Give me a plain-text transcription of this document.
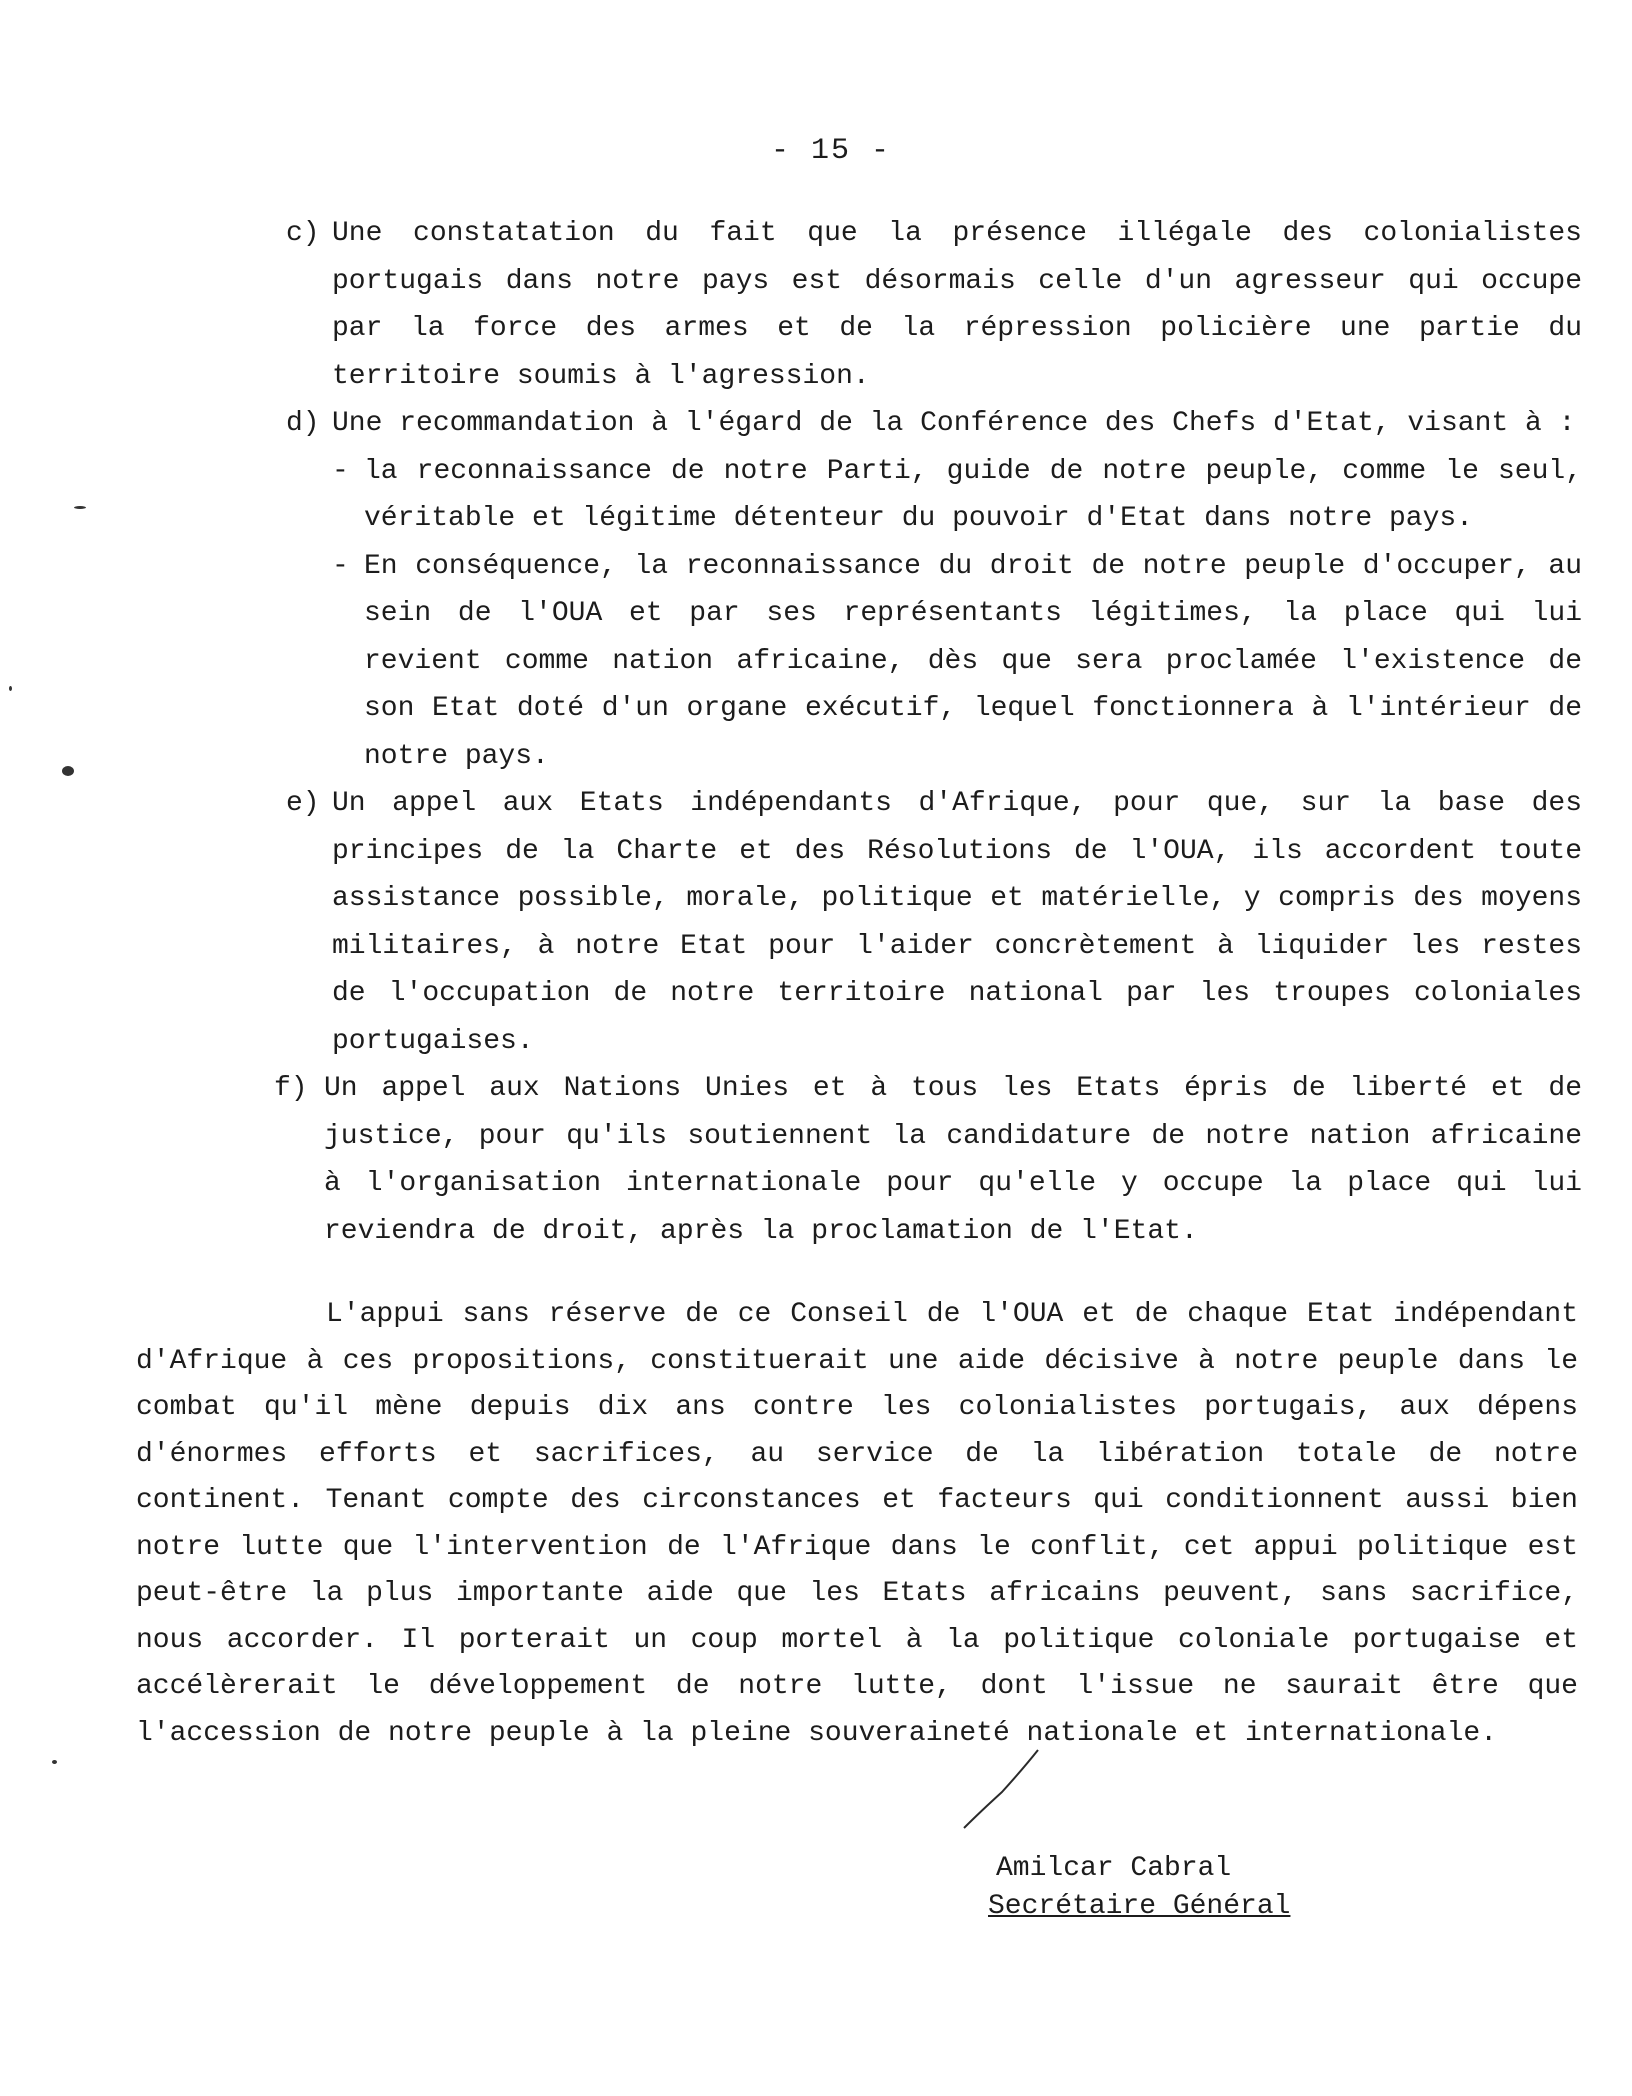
- 15 -
c) Une constatation du fait que la présence illégale des colonialistes portugais dans notre pays est désormais celle d'un agresseur qui occupe par la force des armes et de la répression policière une partie du territoire soumis à l'agression.
d) Une recommandation à l'égard de la Conférence des Chefs d'Etat, visant à :
- la reconnaissance de notre Parti, guide de notre peuple, comme le seul, véritable et légitime détenteur du pouvoir d'Etat dans notre pays.
- En conséquence, la reconnaissance du droit de notre peuple d'occuper, au sein de l'OUA et par ses représentants légitimes, la place qui lui revient comme nation africaine, dès que sera proclamée l'existence de son Etat doté d'un organe exécutif, lequel fonctionnera à l'intérieur de notre pays.
e) Un appel aux Etats indépendants d'Afrique, pour que, sur la base des principes de la Charte et des Résolutions de l'OUA, ils accordent toute assistance possible, morale, politique et matérielle, y compris des moyens militaires, à notre Etat pour l'aider concrètement à liquider les restes de l'occupation de notre territoire national par les troupes coloniales portugaises.
f) Un appel aux Nations Unies et à tous les Etats épris de liberté et de justice, pour qu'ils soutiennent la candidature de notre nation africaine à l'organisation internationale pour qu'elle y occupe la place qui lui reviendra de droit, après la proclamation de l'Etat.
L'appui sans réserve de ce Conseil de l'OUA et de chaque Etat indépendant d'Afrique à ces propositions, constituerait une aide décisive à notre peuple dans le combat qu'il mène depuis dix ans contre les colonialistes portugais, aux dépens d'énormes efforts et sacrifices, au service de la libération totale de notre continent. Tenant compte des circonstances et facteurs qui conditionnent aussi bien notre lutte que l'intervention de l'Afrique dans le conflit, cet appui politique est peut-être la plus importante aide que les Etats africains peuvent, sans sacrifice, nous accorder. Il porterait un coup mortel à la politique coloniale portugaise et accélèrerait le développement de notre lutte, dont l'issue ne saurait être que l'accession de notre peuple à la pleine souveraineté nationale et internationale.
Amilcar Cabral
Secrétaire Général
